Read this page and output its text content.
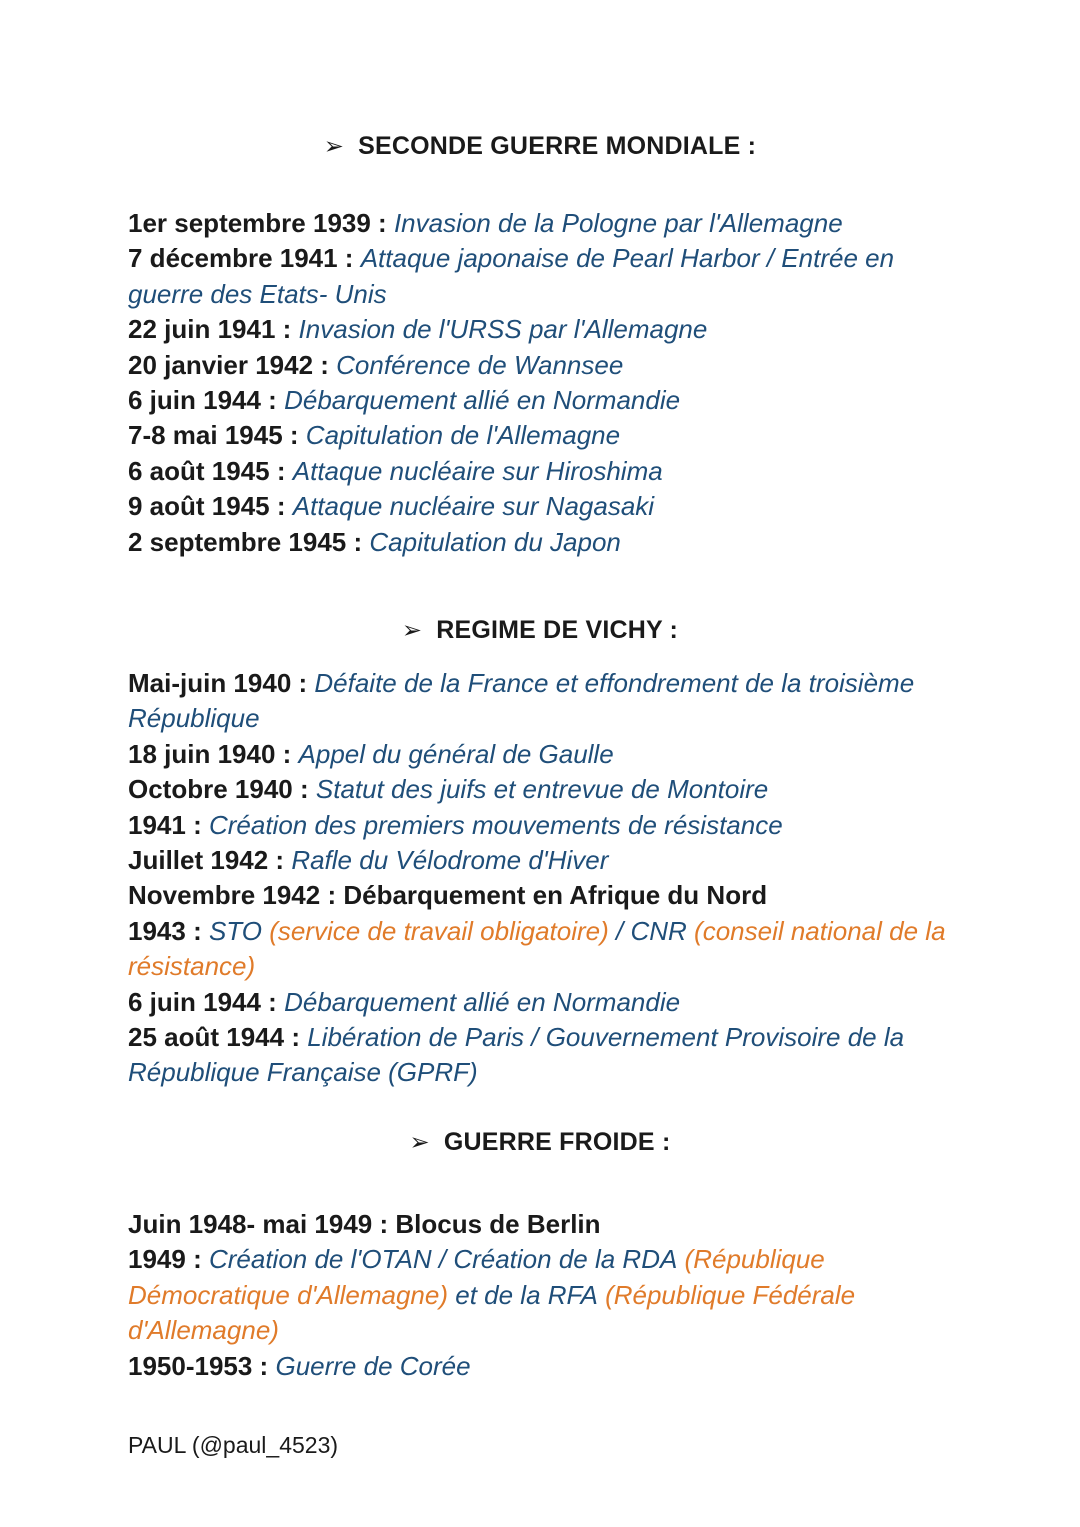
➢ SECONDE GUERRE MONDIALE :

1er septembre 1939 : Invasion de la Pologne par l'Allemagne

7 décembre 1941 : Attaque japonaise de Pearl Harbor / Entrée en guerre des Etats- Unis

22 juin 1941 : Invasion de l'URSS par l'Allemagne

20 janvier 1942 : Conférence de Wannsee

6 juin 1944 : Débarquement allié en Normandie

7-8 mai 1945 : Capitulation de l'Allemagne

6 août 1945 : Attaque nucléaire sur Hiroshima

9 août 1945 : Attaque nucléaire sur Nagasaki

2 septembre 1945 : Capitulation du Japon

➢ REGIME DE VICHY :

Mai-juin 1940 : Défaite de la France et effondrement de la troisième République

18 juin 1940 : Appel du général de Gaulle

Octobre 1940 : Statut des juifs et entrevue de Montoire

1941 : Création des premiers mouvements de résistance

Juillet 1942 : Rafle du Vélodrome d'Hiver

Novembre 1942 : Débarquement en Afrique du Nord

1943 : STO (service de travail obligatoire) / CNR (conseil national de la résistance)

6 juin 1944 : Débarquement allié en Normandie

25 août 1944 : Libération de Paris / Gouvernement Provisoire de la République Française (GPRF)

➢ GUERRE FROIDE :

Juin 1948- mai 1949 : Blocus de Berlin

1949 : Création de l'OTAN / Création de la RDA (République Démocratique d'Allemagne) et de la RFA (République Fédérale d'Allemagne)

1950-1953 : Guerre de Corée

PAUL (@paul_4523)
